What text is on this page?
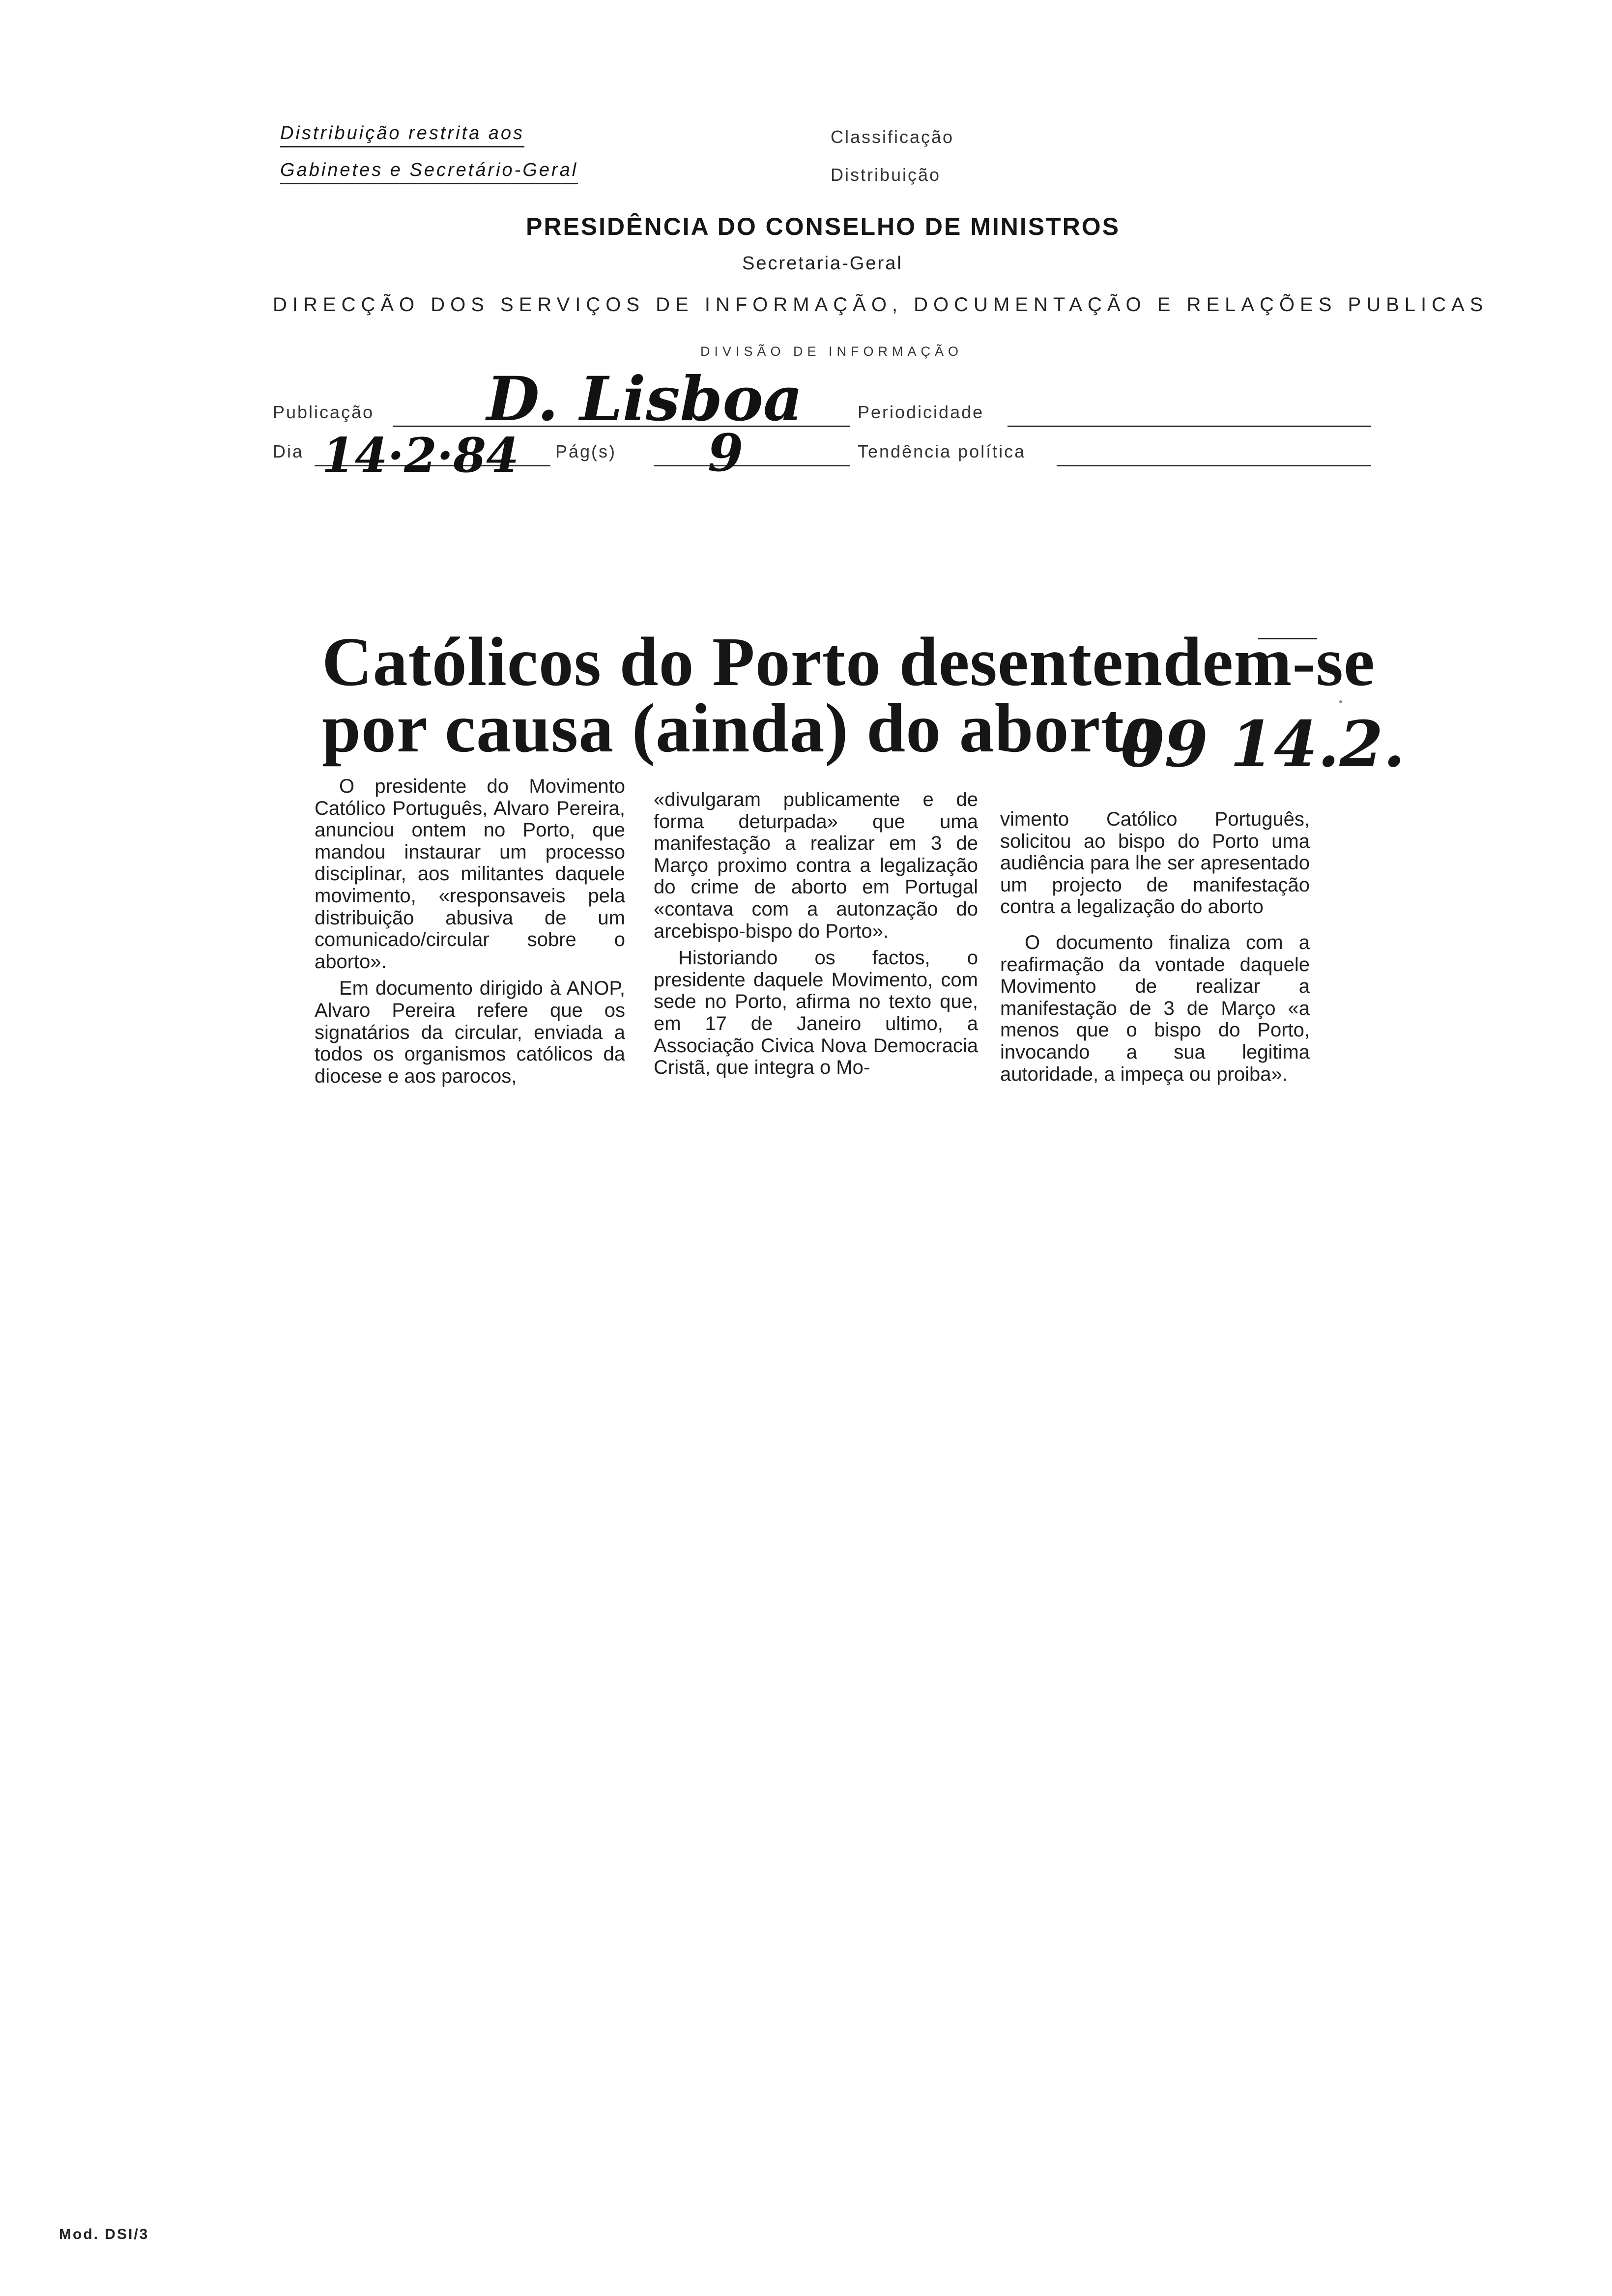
Distribuição restrita aos
Gabinetes e Secretário-Geral
Classificação
Distribuição
PRESIDÊNCIA DO CONSELHO DE MINISTROS
Secretaria-Geral
DIRECÇÃO DOS SERVIÇOS DE INFORMAÇÃO, DOCUMENTAÇÃO E RELAÇÕES PUBLICAS
DIVISÃO DE INFORMAÇÃO
Publicação D. Lisboa	Periodicidade
Dia 14·2·84 Pág(s) 9	Tendência política
Católicos do Porto desentendem-se
por causa (ainda) do aborto
09 14.2.

O presidente do Movimento Católico Português, Alvaro Pereira, anunciou ontem no Porto, que mandou instaurar um processo disciplinar, aos militantes daquele movimento, «responsaveis pela distribuição abusiva de um comunicado/circular sobre o aborto».

Em documento dirigido à ANOP, Alvaro Pereira refere que os signatários da circular, enviada a todos os organismos católicos da diocese e aos parocos,

«divulgaram publicamente e de forma deturpada» que uma manifestação a realizar em 3 de Março proximo contra a legalização do crime de aborto em Portugal «contava com a autonzação do arcebispo-bispo do Porto».

Historiando os factos, o presidente daquele Movimento, com sede no Porto, afirma no texto que, em 17 de Janeiro ultimo, a Associação Civica Nova Democracia Cristã, que integra o Mo-

vimento Católico Português, solicitou ao bispo do Porto uma audiência para lhe ser apresentado um projecto de manifestação contra a legalização do aborto

O documento finaliza com a reafirmação da vontade daquele Movimento de realizar a manifestação de 3 de Março «a menos que o bispo do Porto, invocando a sua legitima autoridade, a impeça ou proiba».

Mod. DSI/3
